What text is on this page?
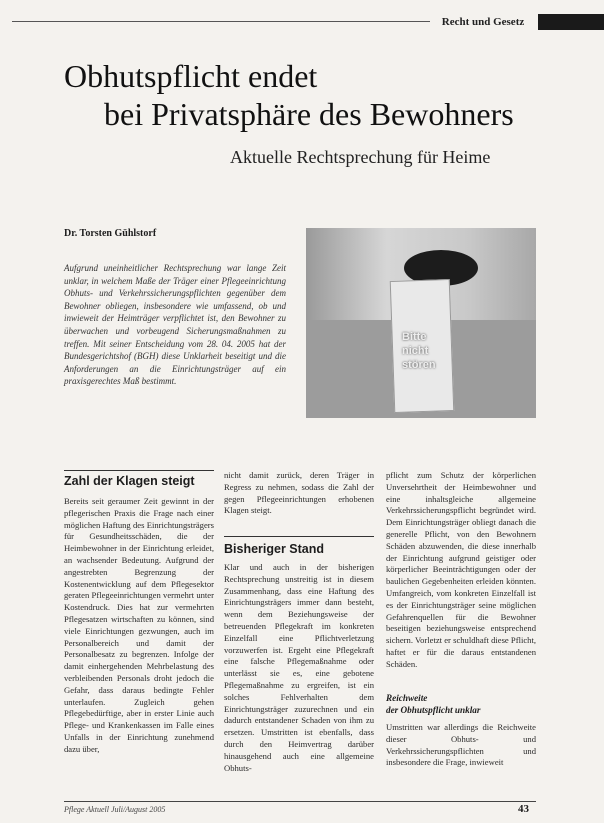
Recht und Gesetz
Obhutspflicht endet
bei Privatsphäre des Bewohners
Aktuelle Rechtsprechung für Heime
Dr. Torsten Gühlstorf
Aufgrund uneinheitlicher Rechtsprechung war lange Zeit unklar, in welchem Maße der Träger einer Pflegeeinrichtung Obhuts- und Verkehrssicherungspflichten gegenüber dem Bewohner obliegen, insbesondere wie umfassend, ob und inwieweit der Heimträger verpflichtet ist, den Bewohner zu überwachen und vorbeugend Sicherungsmaßnahmen zu treffen. Mit seiner Entscheidung vom 28. 04. 2005 hat der Bundesgerichtshof (BGH) diese Unklarheit beseitigt und die Anforderungen an die Einrichtungsträger auf ein praxisgerechtes Maß bestimmt.
Bitte nicht stören
Zahl der Klagen steigt
Bereits seit geraumer Zeit gewinnt in der pflegerischen Praxis die Frage nach einer möglichen Haftung des Einrichtungsträgers für Gesundheitsschäden, die der Heimbewohner in der Einrichtung erleidet, an wachsender Bedeutung. Aufgrund der angestrebten Begrenzung der Kostenentwicklung auf dem Pflegesektor geraten Pflegeeinrichtungen vermehrt unter Kostendruck. Dies hat zur vermehrten Pflegesatzen wirtschaften zu können, sind viele Einrichtungen gezwungen, auch im Personalbereich und damit der Personalbesatz zu begrenzen. Infolge der damit einhergehenden Mehrbelastung des verbleibenden Personals droht jedoch die Gefahr, dass daraus bedingte Fehler unterlaufen. Zugleich gehen Pflegebedürftige, aber in erster Linie auch Pflege- und Krankenkassen im Falle eines Unfalls in der Einrichtung zunehmend dazu über,
nicht damit zurück, deren Träger in Regress zu nehmen, sodass die Zahl der gegen Pflegeeinrichtungen erhobenen Klagen steigt.
Bisheriger Stand
Klar und auch in der bisherigen Rechtsprechung unstreitig ist in diesem Zusammenhang, dass eine Haftung des Einrichtungsträgers immer dann besteht, wenn dem Beziehungsweise der betreuenden Pflegekraft im konkreten Einzelfall eine Pflichtverletzung vorzuwerfen ist. Ergeht eine Pflegekraft eine falsche Pflegemaßnahme oder unterlässt sie es, eine gebotene Pflegemaßnahme zu ergreifen, ist ein solches Fehlverhalten dem Einrichtungsträger zuzurechnen und ein dadurch entstandener Schaden von ihm zu ersetzen. Umstritten ist ebenfalls, dass durch den Heimvertrag darüber hinausgehend auch eine allgemeine Obhuts-
pflicht zum Schutz der körperlichen Unversehrtheit der Heimbewohner und eine inhaltsgleiche allgemeine Verkehrssicherungspflicht begründet wird. Dem Einrichtungsträger obliegt danach die generelle Pflicht, von den Bewohnern Schäden abzuwenden, die diese innerhalb der Einrichtung aufgrund geistiger oder körperlicher Beeinträchtigungen oder der baulichen Gegebenheiten erleiden könnten. Umfangreich, vom konkreten Einzelfall ist es der Einrichtungsträger seine möglichen Gefahrenquellen für die Bewohner beseitigen beziehungsweise entsprechend sichern. Vorletzt er schuldhaft diese Pflicht, haftet er für die daraus entstandenen Schäden.
Reichweite
der Obhutspflicht unklar
Umstritten war allerdings die Reichweite dieser Obhuts- und Verkehrssicherungspflichten und insbesondere die Frage, inwieweit
Pflege Aktuell Juli/August 2005	43
